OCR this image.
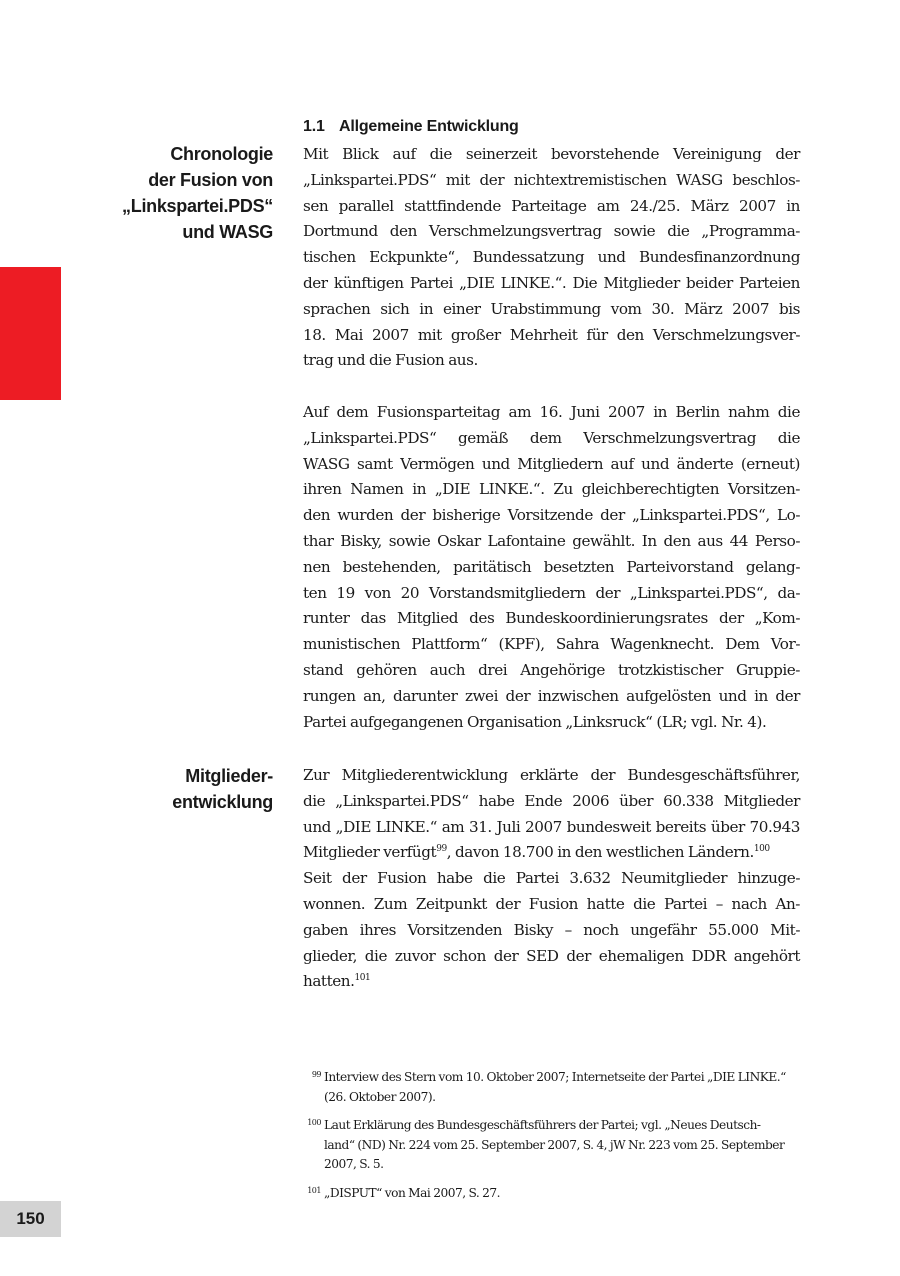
1.1 Allgemeine Entwicklung
Chronologie
der Fusion von
„Linkspartei.PDS“
und WASG
Mitglieder-
entwicklung
Mit Blick auf die seinerzeit bevorstehende Vereinigung der
„Linkspartei.PDS“ mit der nichtextremistischen WASG beschlos-
sen parallel stattfindende Parteitage am 24./25. März 2007 in
Dortmund den Verschmelzungsvertrag sowie die „Programma-
tischen Eckpunkte“, Bundessatzung und Bundesfinanzordnung
der künftigen Partei „DIE LINKE.“. Die Mitglieder beider Parteien
sprachen sich in einer Urabstimmung vom 30. März 2007 bis
18. Mai 2007 mit großer Mehrheit für den Verschmelzungsver-
trag und die Fusion aus.
Auf dem Fusionsparteitag am 16. Juni 2007 in Berlin nahm die
„Linkspartei.PDS“ gemäß dem Verschmelzungsvertrag die
WASG samt Vermögen und Mitgliedern auf und änderte (erneut)
ihren Namen in „DIE LINKE.“. Zu gleichberechtigten Vorsitzen-
den wurden der bisherige Vorsitzende der „Linkspartei.PDS“, Lo-
thar Bisky, sowie Oskar Lafontaine gewählt. In den aus 44 Perso-
nen bestehenden, paritätisch besetzten Parteivorstand gelang-
ten 19 von 20 Vorstandsmitgliedern der „Linkspartei.PDS“, da-
runter das Mitglied des Bundeskoordinierungsrates der „Kom-
munistischen Plattform“ (KPF), Sahra Wagenknecht. Dem Vor-
stand gehören auch drei Angehörige trotzkistischer Gruppie-
rungen an, darunter zwei der inzwischen aufgelösten und in der
Partei aufgegangenen Organisation „Linksruck“ (LR; vgl. Nr. 4).
Zur Mitgliederentwicklung erklärte der Bundesgeschäftsführer,
die „Linkspartei.PDS“ habe Ende 2006 über 60.338 Mitglieder
und „DIE LINKE.“ am 31. Juli 2007 bundesweit bereits über 70.943
Mitglieder verfügt$^{99}$, davon 18.700 in den westlichen Ländern.$^{100}$
Seit der Fusion habe die Partei 3.632 Neumitglieder hinzuge-
wonnen. Zum Zeitpunkt der Fusion hatte die Partei – nach An-
gaben ihres Vorsitzenden Bisky – noch ungefähr 55.000 Mit-
glieder, die zuvor schon der SED der ehemaligen DDR angehört
hatten.$^{101}$
99 Interview des Stern vom 10. Oktober 2007; Internetseite der Partei „DIE LINKE.“
(26. Oktober 2007).
100 Laut Erklärung des Bundesgeschäftsführers der Partei; vgl. „Neues Deutsch-
land“ (ND) Nr. 224 vom 25. September 2007, S. 4, jW Nr. 223 vom 25. September
2007, S. 5.
101 „DISPUT“ von Mai 2007, S. 27.
150
